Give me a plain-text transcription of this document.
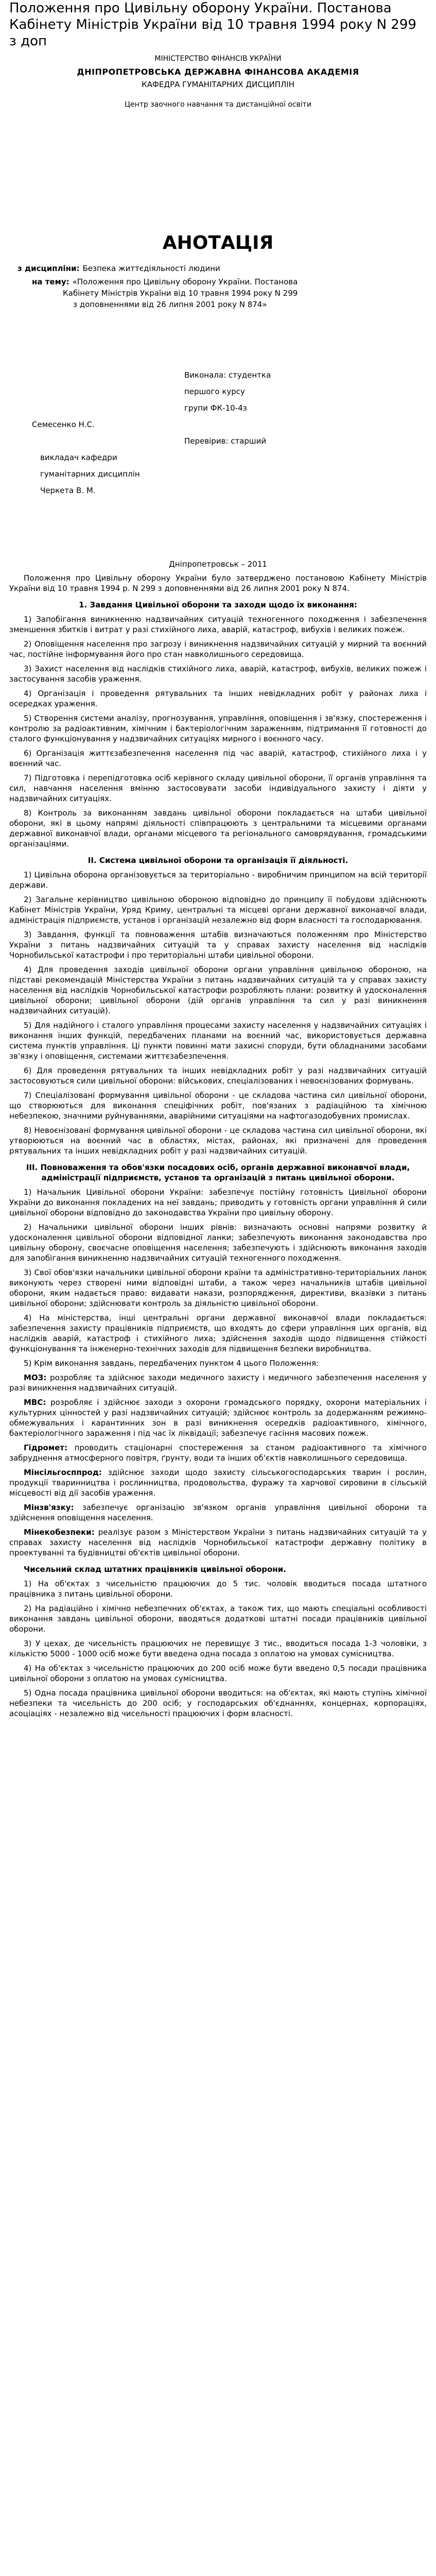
Положення про Цивільну оборону України. Постанова Кабінету Міністрів України від 10 травня 1994 року N 299 з доп
МІНІСТЕРСТВО ФІНАНСІВ УКРАЇНИ
ДНІПРОПЕТРОВСЬКА ДЕРЖАВНА ФІНАНСОВА АКАДЕМІЯ
КАФЕДРА ГУМАНІТАРНИХ ДИСЦИПЛІН
Центр заочного навчання та дистанційної освіти
АНОТАЦІЯ
з дисципліни: Безпека життєдіяльності людини
на тему: «Положення про Цивільну оборону України. Постанова
Кабінету Міністрів України від 10 травня 1994 року N 299
з доповненнями від 26 липня 2001 року N 874»
Виконала: студентка
першого курсу
групи ФК-10-4з
Семесенко Н.С.
Перевірив: старший
викладач кафедри
гуманітарних дисциплін
Черкета В. М.
Дніпропетровськ – 2011

Положення про Цивільну оборону України було затверджено постановою Кабінету Міністрів України від 10 травня 1994 р. N 299 з доповненнями від 26 липня 2001 року N 874.

1. Завдання Цивільної оборони та заходи щодо їх виконання:

1) Запобігання виникненню надзвичайних ситуацій техногенного походження і забезпечення зменшення збитків і витрат у разі стихійного лиха, аварій, катастроф, вибухів і великих пожеж.

2) Оповіщення населення про загрозу і виникнення надзвичайних ситуацій у мирний та воєнний час, постійне інформування його про стан навколишнього середовища.

3) Захист населення від наслідків стихійного лиха, аварій, катастроф, вибухів, великих пожеж і застосування засобів ураження.

4) Організація і проведення рятувальних та інших невідкладних робіт у районах лиха і осередках ураження.

5) Створення системи аналізу, прогнозування, управління, оповіщення і зв'язку, спостереження і контролю за радіоактивним, хімічним і бактеріологічним зараженням, підтримання її готовності до сталого функціонування у надзвичайних ситуаціях мирного і воєнного часу.

6) Організація життєзабезпечення населення під час аварій, катастроф, стихійного лиха і у воєнний час.

7) Підготовка і перепідготовка осіб керівного складу цивільної оборони, її органів управління та сил, навчання населення вмінню застосовувати засоби індивідуального захисту і діяти у надзвичайних ситуаціях.

8) Контроль за виконанням завдань цивільної оборони покладається на штаби цивільної оборони, які в цьому напрямі діяльності співпрацюють з центральними та місцевими органами державної виконавчої влади, органами місцевого та регіонального самоврядування, громадськими організаціями.

ІІ. Система цивільної оборони та організація її діяльності.

1) Цивільна оборона організовується за територіально - виробничим принципом на всій території держави.

2) Загальне керівництво цивільною обороною відповідно до принципу її побудови здійснюють Кабінет Міністрів України, Уряд Криму, центральні та місцеві органи державної виконавчої влади, адміністрація підприємств, установ і організацій незалежно від форм власності та господарювання.

3) Завдання, функції та повноваження штабів визначаються положенням про Міністерство України з питань надзвичайних ситуацій та у справах захисту населення від наслідків Чорнобильської катастрофи і про територіальні штаби цивільної оборони.

4) Для проведення заходів цивільної оборони органи управління цивільною обороною, на підставі рекомендацій Міністерства України з питань надзвичайних ситуацій та у справах захисту населення від наслідків Чорнобильської катастрофи розробляють плани: розвитку й удосконалення цивільної оборони; цивільної оборони (дій органів управління та сил у разі виникнення надзвичайних ситуацій).

5) Для надійного і сталого управління процесами захисту населення у надзвичайних ситуаціях і виконання інших функцій, передбачених планами на воєнний час, використовується державна система пунктів управління. Ці пункти повинні мати захисні споруди, бути обладнаними засобами зв'язку і оповіщення, системами життєзабезпечення.

6) Для проведення рятувальних та інших невідкладних робіт у разі надзвичайних ситуацій застосовуються сили цивільної оборони: військових, спеціалізованих і невоєнізованих формувань.

7) Спеціалізовані формування цивільної оборони - це складова частина сил цивільної оборони, що створюються для виконання спеціфічних робіт, пов'язаних з радіаційною та хімічною небезпекою, значними руйнуваннями, аварійними ситуаціями на нафтогазодобувних промислах.

8) Невоєнізовані формування цивільної оборони - це складова частина сил цивільної оборони, які утворюються на воєнний час в областях, містах, районах, які призначені для проведення рятувальних та інших невідкладних робіт у разі надзвичайних ситуацій.

ІІІ. Повноваження та обов'язки посадових осіб, органів державної виконавчої влади, адміністрації підприємств, установ та організацій з питань цивільної оборони.

1) Начальник Цивільної оборони України: забезпечує постійну готовність Цивільної оборони України до виконання покладених на неї завдань; приводить у готовність органи управління й сили цивільної оборони відповідно до законодавства України про цивільну оборону.

2) Начальники цивільної оборони інших рівнів: визначають основні напрями розвитку й удосконалення цивільної оборони відповідної ланки; забезпечують виконання законодавства про цивільну оборону, своєчасне оповіщення населення; забезпечують і здійснюють виконання заходів для запобігання виникненню надзвичайних ситуацій техногенного походження.

3) Свої обов'язки начальники цивільної оборони країни та адміністративно-територіальних ланок виконують через створені ними відповідні штаби, а також через начальників штабів цивільної оборони, яким надається право: видавати накази, розпорядження, директиви, вказівки з питань цивільної оборони; здійснювати контроль за діяльністю цивільної оборони.

4) На міністерства, інші центральні органи державної виконавчої влади покладається: забезпечення захисту працівників підприємств, що входять до сфери управління цих органів, від наслідків аварій, катастроф і стихійного лиха; здійснення заходів щодо підвищення стійкості функціонування та інженерно-технічних заходів для підвищення безпеки виробництва.

5) Крім виконання завдань, передбачених пунктом 4 цього Положення:

МОЗ: розробляє та здійснює заходи медичного захисту і медичного забезпечення населення у разі виникнення надзвичайних ситуацій.

МВС: розробляє і здійснює заходи з охорони громадського порядку, охорони матеріальних і культурних цінностей у разі надзвичайних ситуацій; здійснює контроль за додержанням режимно-обмежувальних і карантинних зон в разі виникнення осередків радіоактивного, хімічного, бактеріологічного зараження і під час їх ліквідації; забезпечує гасіння масових пожеж.

Гідромет: проводить стаціонарні спостереження за станом радіоактивного та хімічного забруднення атмосферного повітря, ґрунту, води та інших об'єктів навколишнього середовища.

Мінсільгосппрод: здійснює заходи щодо захисту сільськогосподарських тварин і рослин, продукції тваринництва і рослинництва, продовольства, фуражу та харчової сировини в сільській місцевості від дії засобів ураження.

Мінзв'язку: забезпечує організацію зв'язком органів управління цивільної оборони та здійснення оповіщення населення.

Мінекобезпеки: реалізує разом з Міністерством України з питань надзвичайних ситуацій та у справах захисту населення від наслідків Чорнобильської катастрофи державну політику в проектуванні та будівництві об'єктів цивільної оборони.

Чисельний склад штатних працівників цивільної оборони.

1) На об'єктах з чисельністю працюючих до 5 тис. чоловік вводиться посада штатного працівника з питань цивільної оборони.

2) На радіаційно і хімічно небезпечних об'єктах, а також тих, що мають спеціальні особливості виконання завдань цивільної оборони, вводяться додаткові штатні посади працівників цивільної оборони.

3) У цехах, де чисельність працюючих не перевищує 3 тис., вводиться посада 1-3 чоловіки, з кількістю 5000 - 1000 осіб може бути введена одна посада з оплатою на умовах сумісництва.

4) На об'єктах з чисельністю працюючих до 200 осіб може бути введено 0,5 посади працівника цивільної оборони з оплатою на умовах сумісництва.

5) Одна посада працівника цивільної оборони вводиться: на об'єктах, які мають ступінь хімічної небезпеки та чисельність до 200 осіб; у господарських об'єднаннях, концернах, корпораціях, асоціаціях - незалежно від чисельності працюючих і форм власності.
